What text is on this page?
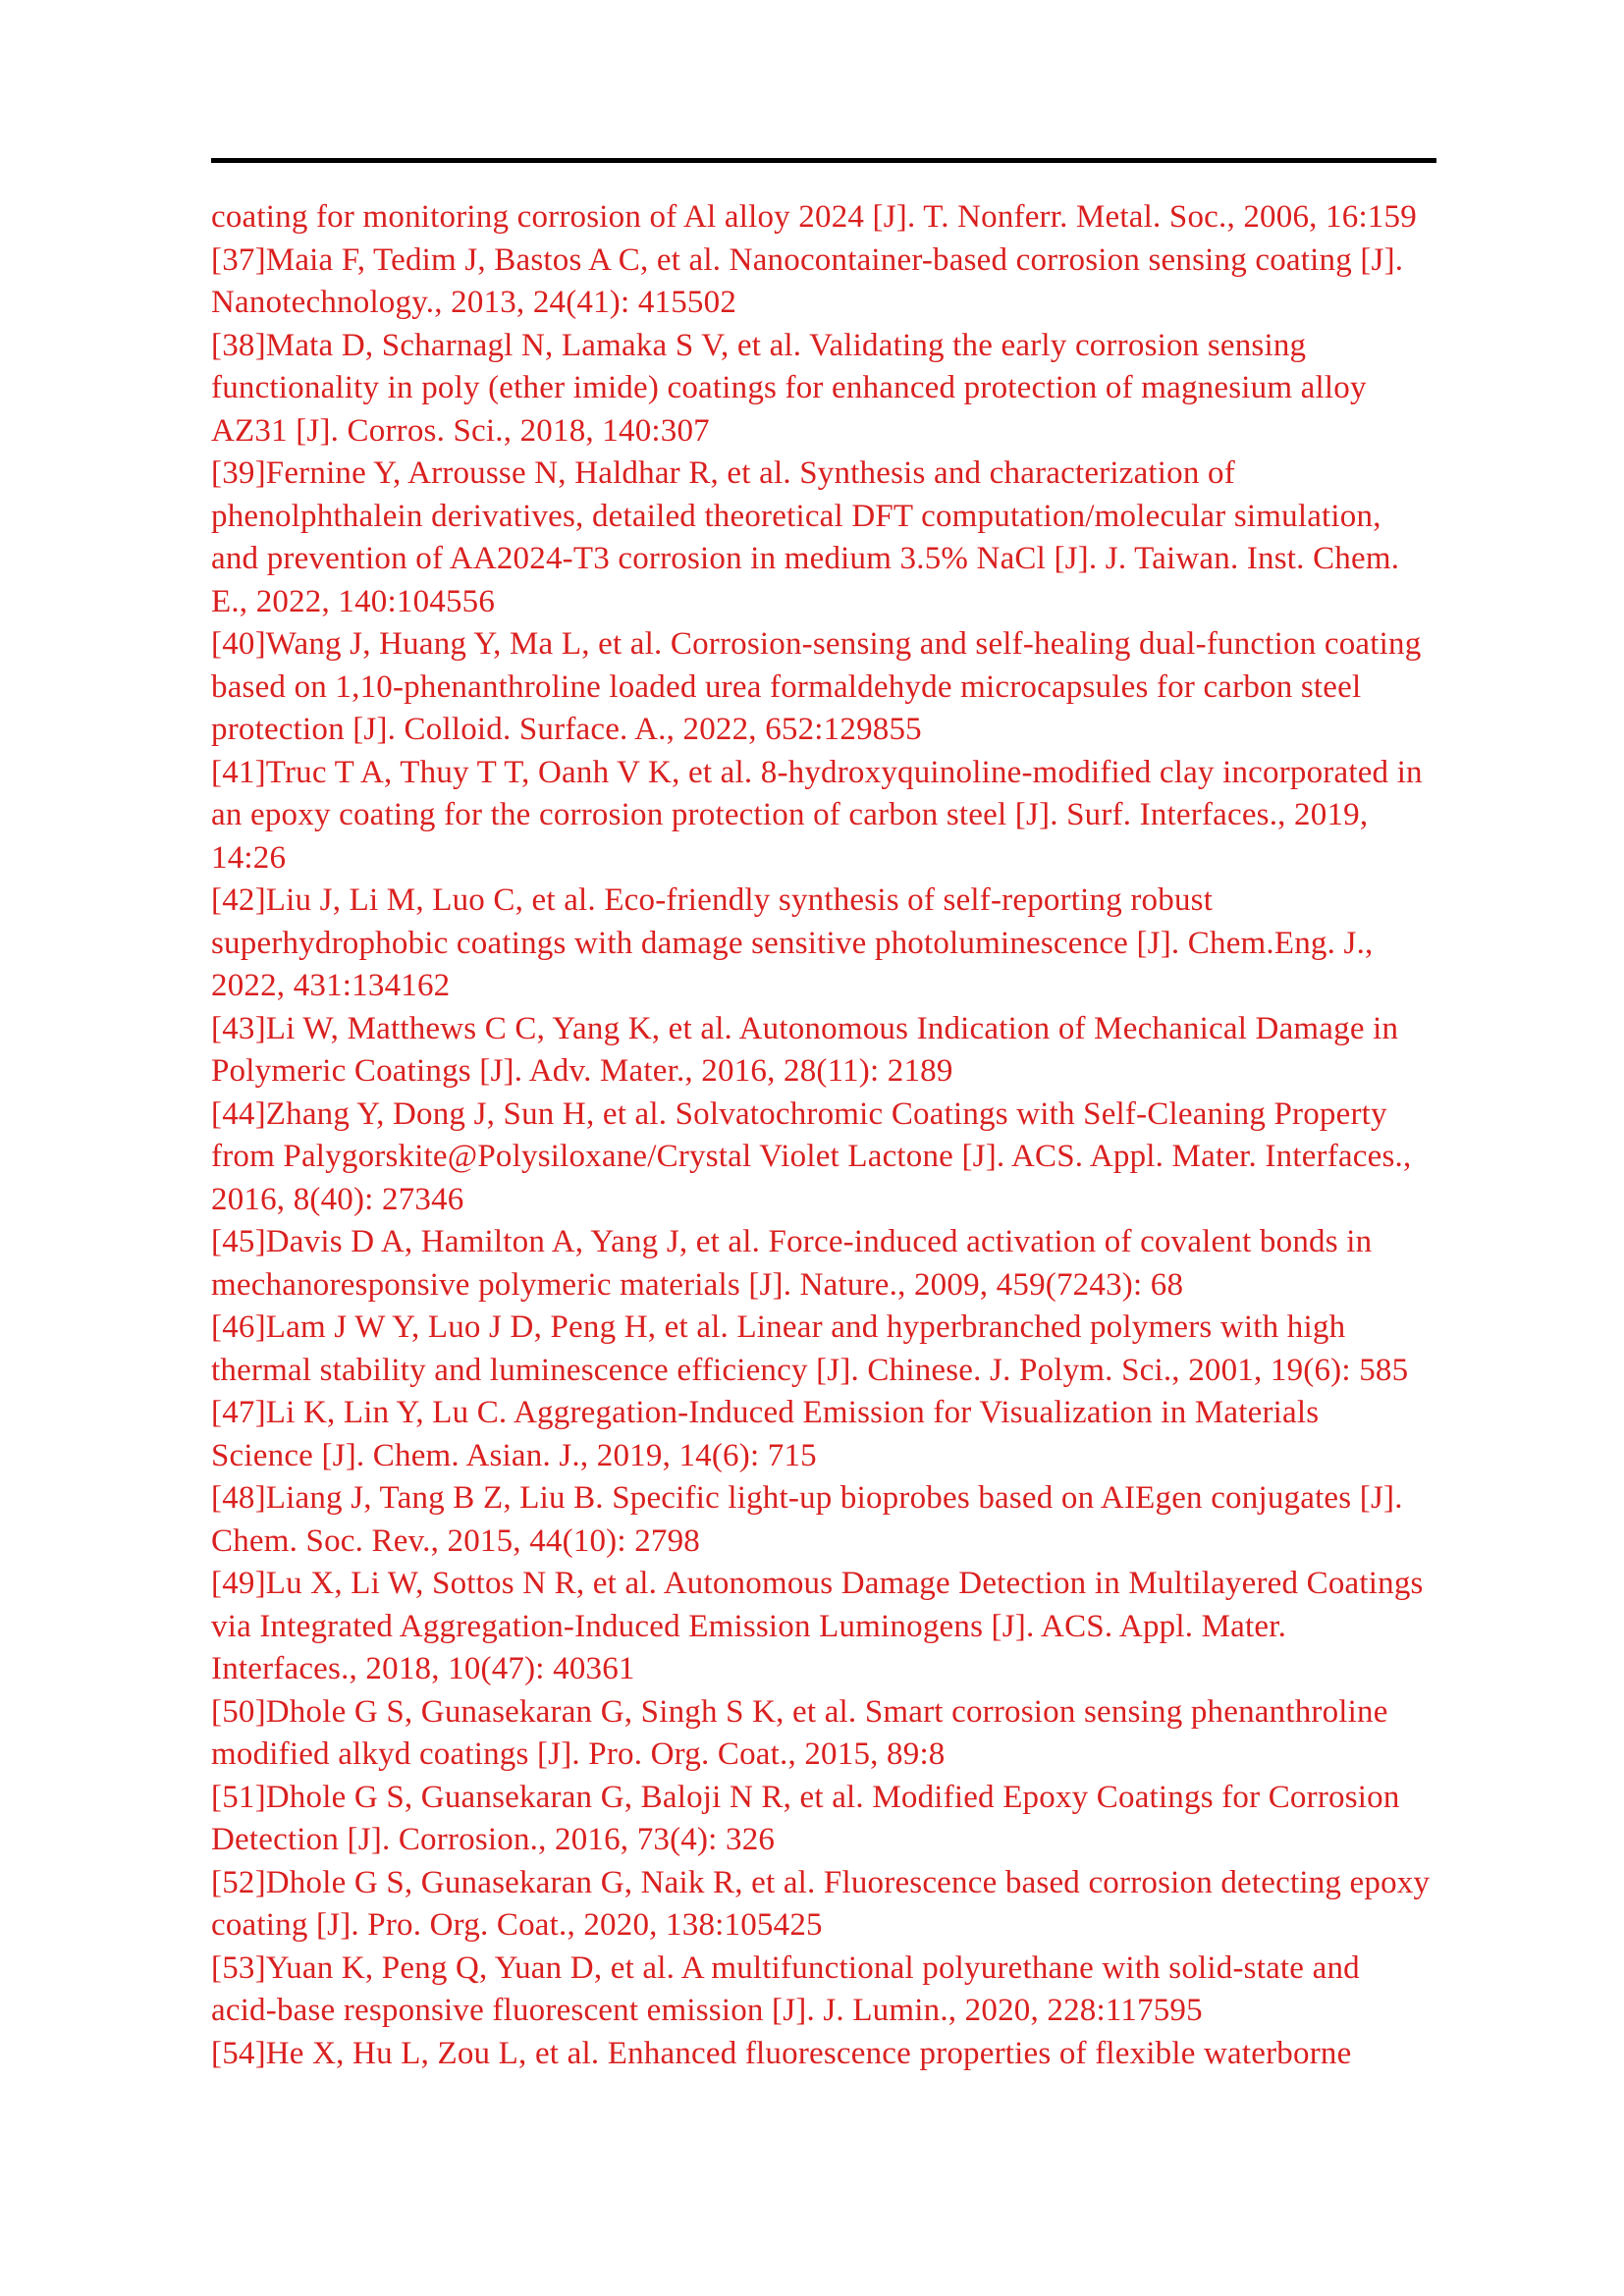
coating for monitoring corrosion of Al alloy 2024 [J]. T. Nonferr. Metal. Soc., 2006, 16:159
[37]Maia F, Tedim J, Bastos A C, et al. Nanocontainer-based corrosion sensing coating [J].
Nanotechnology., 2013, 24(41): 415502
[38]Mata D, Scharnagl N, Lamaka S V, et al. Validating the early corrosion sensing
functionality in poly (ether imide) coatings for enhanced protection of magnesium alloy
AZ31 [J]. Corros. Sci., 2018, 140:307
[39]Fernine Y, Arrousse N, Haldhar R, et al. Synthesis and characterization of
phenolphthalein derivatives, detailed theoretical DFT computation/molecular simulation,
and prevention of AA2024-T3 corrosion in medium 3.5% NaCl [J]. J. Taiwan. Inst. Chem.
E., 2022, 140:104556
[40]Wang J, Huang Y, Ma L, et al. Corrosion-sensing and self-healing dual-function coating
based on 1,10-phenanthroline loaded urea formaldehyde microcapsules for carbon steel
protection [J]. Colloid. Surface. A., 2022, 652:129855
[41]Truc T A, Thuy T T, Oanh V K, et al. 8-hydroxyquinoline-modified clay incorporated in
an epoxy coating for the corrosion protection of carbon steel [J]. Surf. Interfaces., 2019,
14:26
[42]Liu J, Li M, Luo C, et al. Eco-friendly synthesis of self-reporting robust
superhydrophobic coatings with damage sensitive photoluminescence [J]. Chem.Eng. J.,
2022, 431:134162
[43]Li W, Matthews C C, Yang K, et al. Autonomous Indication of Mechanical Damage in
Polymeric Coatings [J]. Adv. Mater., 2016, 28(11): 2189
[44]Zhang Y, Dong J, Sun H, et al. Solvatochromic Coatings with Self-Cleaning Property
from Palygorskite@Polysiloxane/Crystal Violet Lactone [J]. ACS. Appl. Mater. Interfaces.,
2016, 8(40): 27346
[45]Davis D A, Hamilton A, Yang J, et al. Force-induced activation of covalent bonds in
mechanoresponsive polymeric materials [J]. Nature., 2009, 459(7243): 68
[46]Lam J W Y, Luo J D, Peng H, et al. Linear and hyperbranched polymers with high
thermal stability and luminescence efficiency [J]. Chinese. J. Polym. Sci., 2001, 19(6): 585
[47]Li K, Lin Y, Lu C. Aggregation-Induced Emission for Visualization in Materials
Science [J]. Chem. Asian. J., 2019, 14(6): 715
[48]Liang J, Tang B Z, Liu B. Specific light-up bioprobes based on AIEgen conjugates [J].
Chem. Soc. Rev., 2015, 44(10): 2798
[49]Lu X, Li W, Sottos N R, et al. Autonomous Damage Detection in Multilayered Coatings
via Integrated Aggregation-Induced Emission Luminogens [J]. ACS. Appl. Mater.
Interfaces., 2018, 10(47): 40361
[50]Dhole G S, Gunasekaran G, Singh S K, et al. Smart corrosion sensing phenanthroline
modified alkyd coatings [J]. Pro. Org. Coat., 2015, 89:8
[51]Dhole G S, Guansekaran G, Baloji N R, et al. Modified Epoxy Coatings for Corrosion
Detection [J]. Corrosion., 2016, 73(4): 326
[52]Dhole G S, Gunasekaran G, Naik R, et al. Fluorescence based corrosion detecting epoxy
coating [J]. Pro. Org. Coat., 2020, 138:105425
[53]Yuan K, Peng Q, Yuan D, et al. A multifunctional polyurethane with solid-state and
acid-base responsive fluorescent emission [J]. J. Lumin., 2020, 228:117595
[54]He X, Hu L, Zou L, et al. Enhanced fluorescence properties of flexible waterborne
